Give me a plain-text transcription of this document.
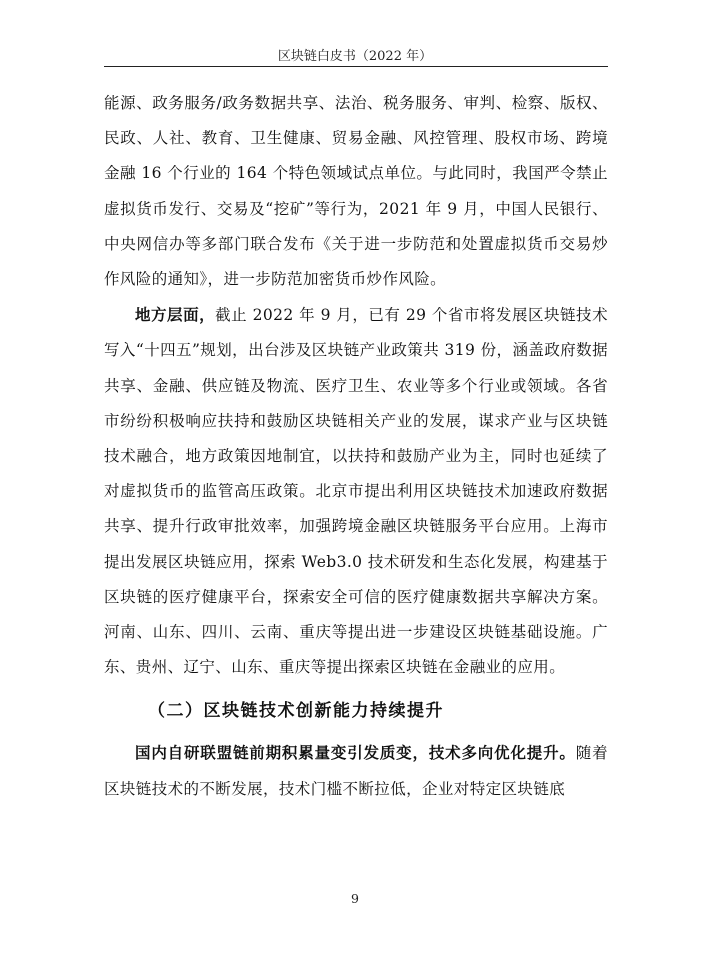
区块链白皮书（2022 年）

能源、政务服务/政务数据共享、法治、税务服务、审判、检察、版权、民政、人社、教育、卫生健康、贸易金融、风控管理、股权市场、跨境金融 16 个行业的 164 个特色领域试点单位。与此同时，我国严令禁止虚拟货币发行、交易及“挖矿”等行为，2021 年 9 月，中国人民银行、中央网信办等多部门联合发布《关于进一步防范和处置虚拟货币交易炒作风险的通知》，进一步防范加密货币炒作风险。

地方层面，截止 2022 年 9 月，已有 29 个省市将发展区块链技术写入“十四五”规划，出台涉及区块链产业政策共 319 份，涵盖政府数据共享、金融、供应链及物流、医疗卫生、农业等多个行业或领域。各省市纷纷积极响应扶持和鼓励区块链相关产业的发展，谋求产业与区块链技术融合，地方政策因地制宜，以扶持和鼓励产业为主，同时也延续了对虚拟货币的监管高压政策。北京市提出利用区块链技术加速政府数据共享、提升行政审批效率，加强跨境金融区块链服务平台应用。上海市提出发展区块链应用，探索 Web3.0 技术研发和生态化发展，构建基于区块链的医疗健康平台，探索安全可信的医疗健康数据共享解决方案。河南、山东、四川、云南、重庆等提出进一步建设区块链基础设施。广东、贵州、辽宁、山东、重庆等提出探索区块链在金融业的应用。

（二）区块链技术创新能力持续提升

国内自研联盟链前期积累量变引发质变，技术多向优化提升。随着区块链技术的不断发展，技术门槛不断拉低，企业对特定区块链底

9
